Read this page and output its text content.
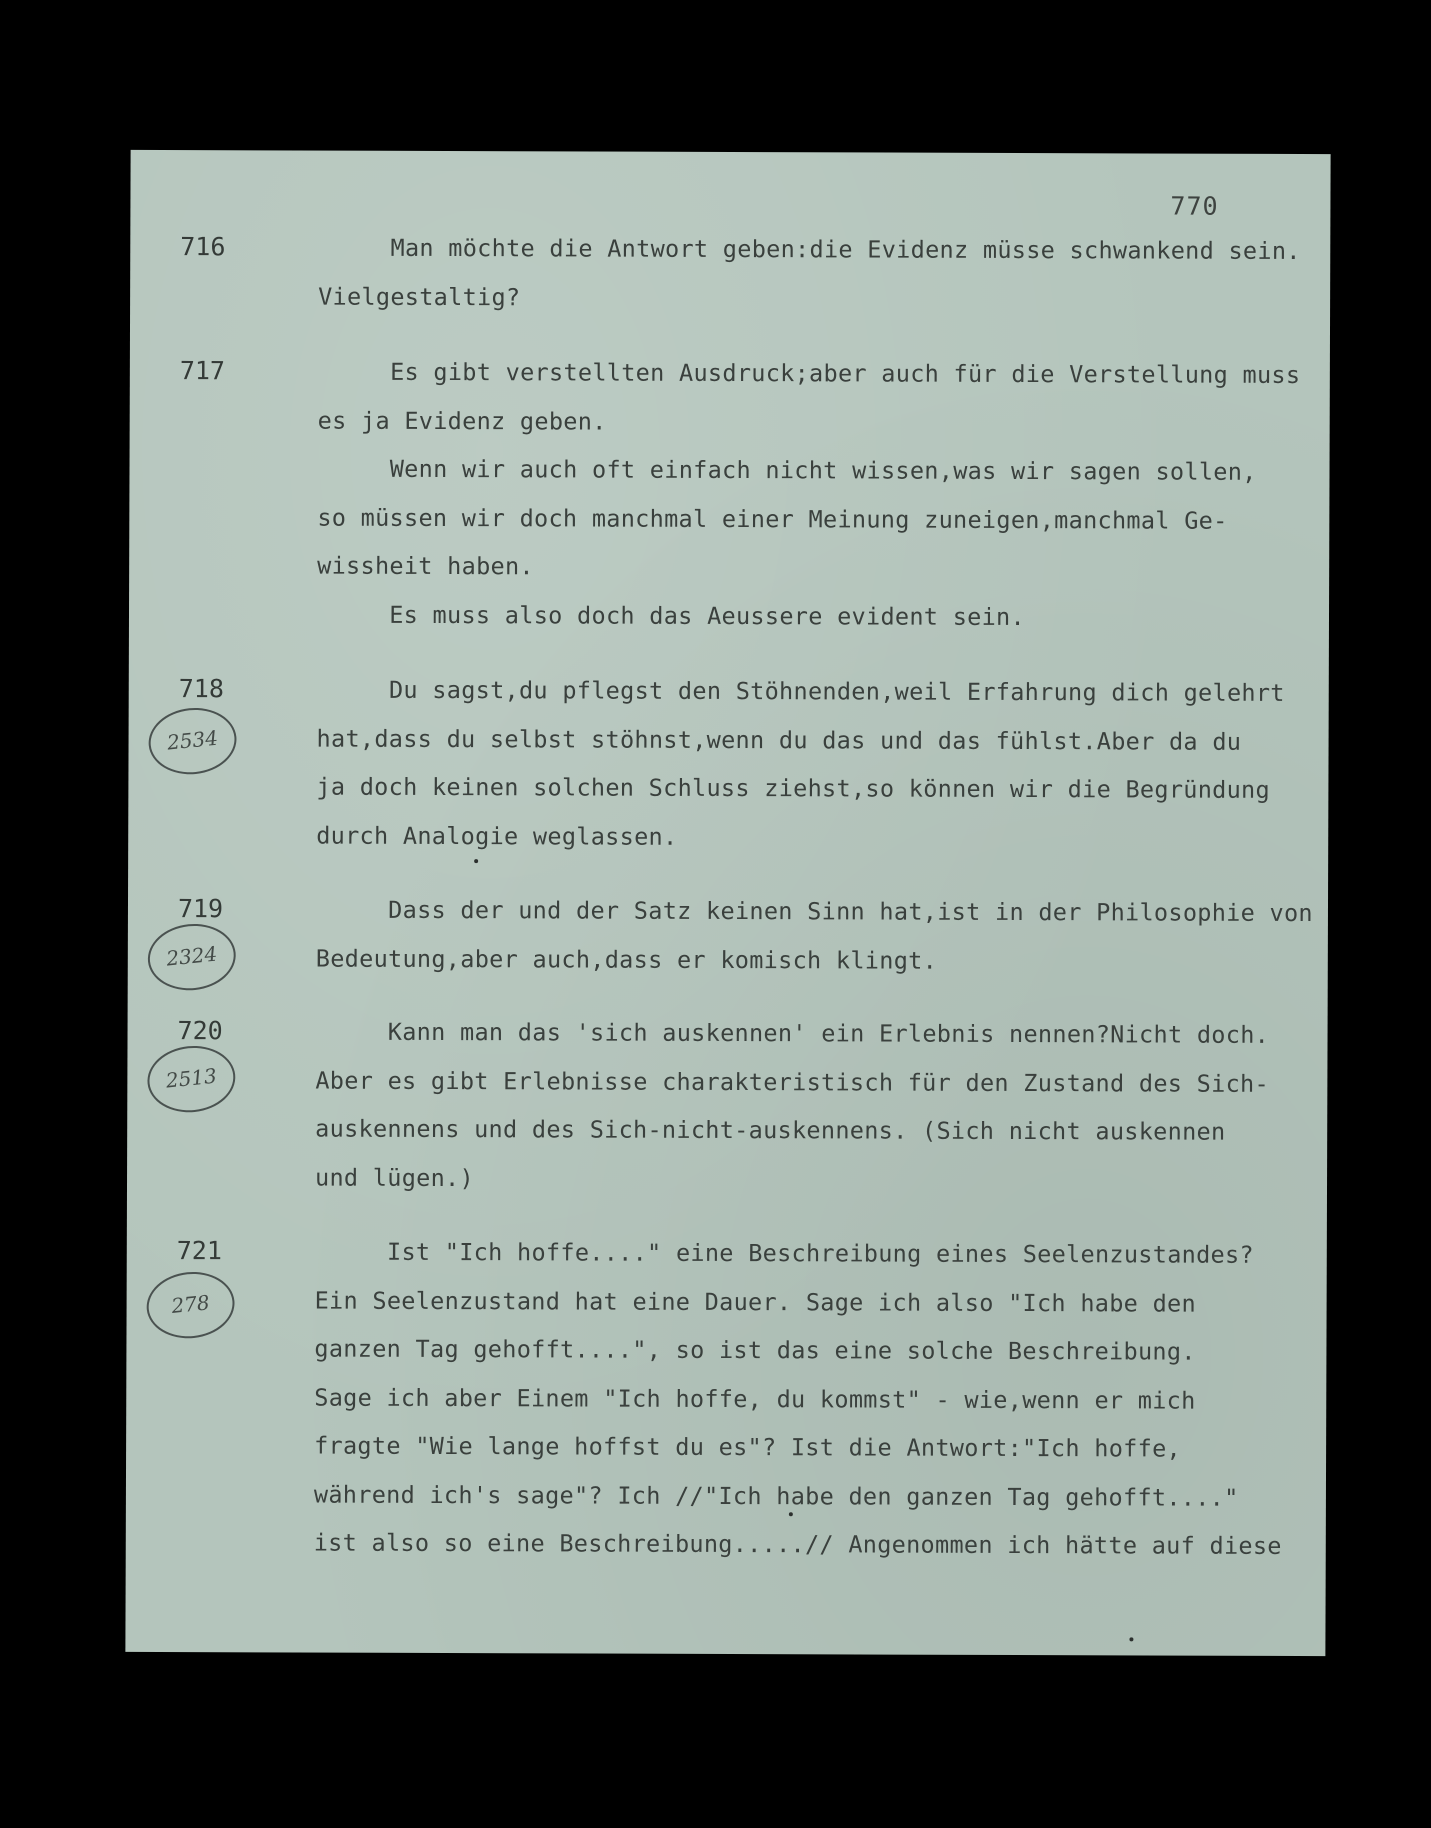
770
716	Man möchte die Antwort geben:die Evidenz müsse schwankend sein.
Vielgestaltig?
717	Es gibt verstellten Ausdruck;aber auch für die Verstellung muss
es ja Evidenz geben.
Wenn wir auch oft einfach nicht wissen,was wir sagen sollen,
so müssen wir doch manchmal einer Meinung zuneigen,manchmal Ge-
wissheit haben.
Es muss also doch das Aeussere evident sein.
718
2534
Du sagst,du pflegst den Stöhnenden,weil Erfahrung dich gelehrt
hat,dass du selbst stöhnst,wenn du das und das fühlst.Aber da du
ja doch keinen solchen Schluss ziehst,so können wir die Begründung
durch Analogie weglassen.
719
2324
Dass der und der Satz keinen Sinn hat,ist in der Philosophie von
Bedeutung,aber auch,dass er komisch klingt.
720
2513
Kann man das 'sich auskennen' ein Erlebnis nennen?Nicht doch.
Aber es gibt Erlebnisse charakteristisch für den Zustand des Sich-
auskennens und des Sich-nicht-auskennens. (Sich nicht auskennen
und lügen.)
721
278
Ist "Ich hoffe...." eine Beschreibung eines Seelenzustandes?
Ein Seelenzustand hat eine Dauer. Sage ich also "Ich habe den
ganzen Tag gehofft....", so ist das eine solche Beschreibung.
Sage ich aber Einem "Ich hoffe, du kommst" - wie,wenn er mich
fragte "Wie lange hoffst du es"? Ist die Antwort:"Ich hoffe,
während ich's sage"? Ich //"Ich habe den ganzen Tag gehofft...."
ist also so eine Beschreibung.....// Angenommen ich hätte auf diese
